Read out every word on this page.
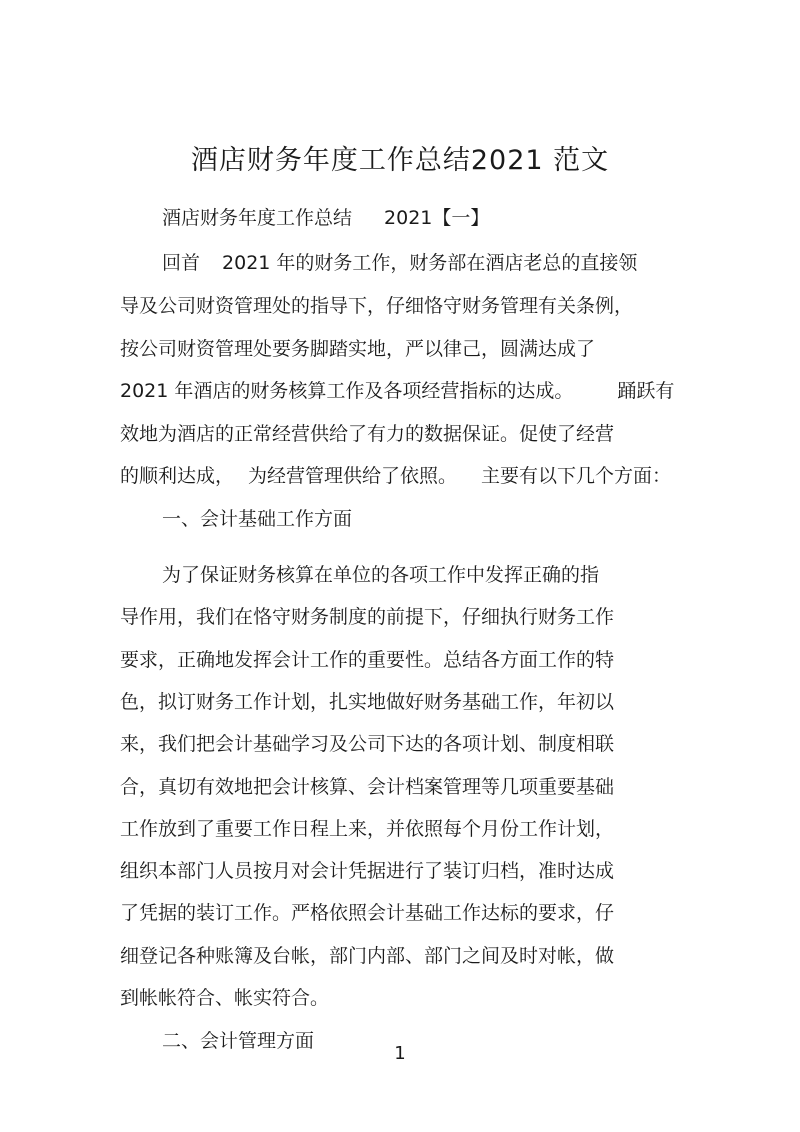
酒店财务年度工作总结2021 范文
酒店财务年度工作总结 2021【一】
回首 2021 年的财务工作，财务部在酒店老总的直接领
导及公司财资管理处的指导下，仔细恪守财务管理有关条例，
按公司财资管理处要务脚踏实地，严以律己，圆满达成了
2021 年酒店的财务核算工作及各项经营指标的达成。 踊跃有
效地为酒店的正常经营供给了有力的数据保证。促使了经营
的顺利达成， 为经营管理供给了依照。 主要有以下几个方面：
一、会计基础工作方面
为了保证财务核算在单位的各项工作中发挥正确的指
导作用，我们在恪守财务制度的前提下，仔细执行财务工作
要求，正确地发挥会计工作的重要性。总结各方面工作的特
色，拟订财务工作计划，扎实地做好财务基础工作，年初以
来，我们把会计基础学习及公司下达的各项计划、制度相联
合，真切有效地把会计核算、会计档案管理等几项重要基础
工作放到了重要工作日程上来，并依照每个月份工作计划，
组织本部门人员按月对会计凭据进行了装订归档，准时达成
了凭据的装订工作。严格依照会计基础工作达标的要求，仔
细登记各种账簿及台帐，部门内部、部门之间及时对帐，做
到帐帐符合、帐实符合。
二、会计管理方面
1
